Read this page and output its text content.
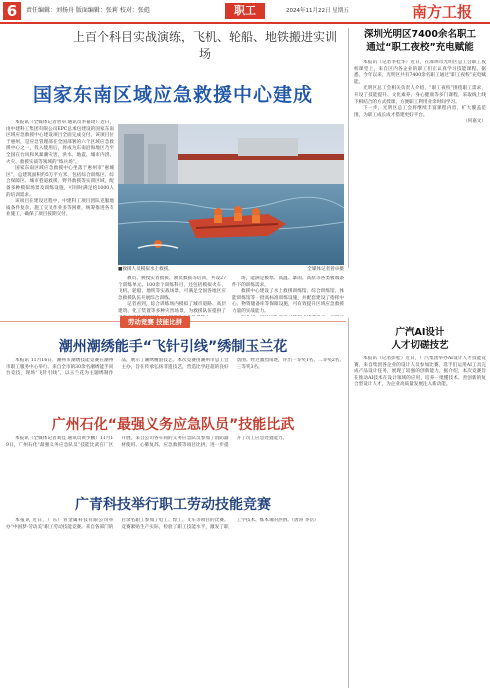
6	责任编辑：刘扬舟 版面编辑：张莉 校对：张彪	职工	2024年11月22日 星期五	南方工报
上百个科目实战演练，飞机、轮船、地铁搬进实训场
国家东南区域应急救援中心建成

本报讯（全媒体记者曾卓 通讯员李嘉琦）近日，由中建科工集团有限公司EPC总承包建设的国家东南区域应急救援中心建设项目全面完成交付。该项目位于惠州，是应急管理部在全国部署的六个区域应急救援中心之一，投入使用后，将成为东南沿海地区乃至全国在台风和风暴潮灾害、洪水、地震、城市内涝、火灾、救援实战等领域的“练兵场”。

国家东南区域应急救援中心坐落于惠州市“惠城区”，总建筑面积约5万平方米，包括综合训练区、综合保障区、城市巷道救援、野外救援等实训区域，配备多种模拟场景及训练设施，可同时满足约1000人的培训需求。

该项目在建设过程中，中建科工项目团队克服地质条件复杂、施工交叉作业多等困难，统筹推进各专业施工，确保了项目按期交付。

■救援人员模拟水上救援。	全媒体记者曾卓摄

教员、被授实者救援、教员救援等培训，共设27个训练单元、100余个训练科目，还包括模拟火车、飞机、轮船、地铁等实战场景，可满足全国各地区应急救援队伍开展综合训练。

记者看到，综合训练场内模拟了城市道路、高层建筑、化工装置等多种灾害场景，为救援队伍提供了

场，能满足极寒、高温、暴雨、高原等各类极端条件下的训练需求。

救援中心建设了水上救援训练馆、综合训练馆、体能训练馆等一批高标准训练设施，并配套建设了指挥中心、物资储备库等保障设施，可有效提升区域应急救援力量的实战能力。

深圳光明区7400余名职工
通过“职工夜校”充电赋能

本报讯（记者李桂华）近日，在深圳市光明区总工会职工夜校课堂上，来自区内各企业的职工们正认真学习技能课程。据悉，今年以来，光明区共有7400余名职工通过“职工夜校”充电赋能。

光明区总工会相关负责人介绍，“职工夜校”围绕职工需求，开设了技能提升、文化素养、身心健康等多门课程，采取线上线下相结合的方式授课，方便职工利用业余时间学习。

下一步，光明区总工会将继续丰富课程内容，扩大覆盖范围，为职工成长成才搭建更好平台。

（何嘉文）
劳动竞赛 技能比拼
潮州潮绣能手“飞针引线”绣制玉兰花

本报讯 11月16日，潮州市潮绣技能竞赛在潮州市职工服务中心举行。来自全市的30余名潮绣能手同台竞技，现场“飞针引线”，以玉兰花为主题绣制作品，展示了潮绣精湛技艺。本次竞赛由潮州市总工会主办，旨在传承弘扬非遗技艺，营造比学赶超的良好氛围。经过激烈角逐，评出一等奖1名、二等奖2名、三等奖3名。

广州石化“最强义务应急队员”技能比武

本报讯（全媒体记者刘佳 通讯员黄少鹏）11月19日，广州石化“最强义务应急队员”技能比武在厂区开展。来自公司各车间的义务应急队员参加了消防器材使用、心肺复苏、应急救援等项目比拼，进一步提升了员工应急处置能力。

广青科技举行职工劳动技能竞赛

本报讯 近日，广东广青金属科技有限公司举办“中国梦·劳动美”职工劳动技能竞赛。来自各部门的百余名职工参加了电工、焊工、叉车等项目的比赛。竞赛紧贴生产实际，检验了职工技能水平，激发了职工学技术、练本领的热情。（唐涛 李岳）

广汽AI设计
人才切磋技艺

本报讯（记者彭桂）近日，广汽集团举办AI设计人才技能竞赛，来自集团各企业的设计人员参加比赛。选手们运用AI工具完成产品设计任务，展现了较强的创新能力。据介绍，本次竞赛旨在推动AI技术在设计领域的应用，培养一批懂技术、善创新的复合型设计人才，为企业高质量发展注入新动能。
